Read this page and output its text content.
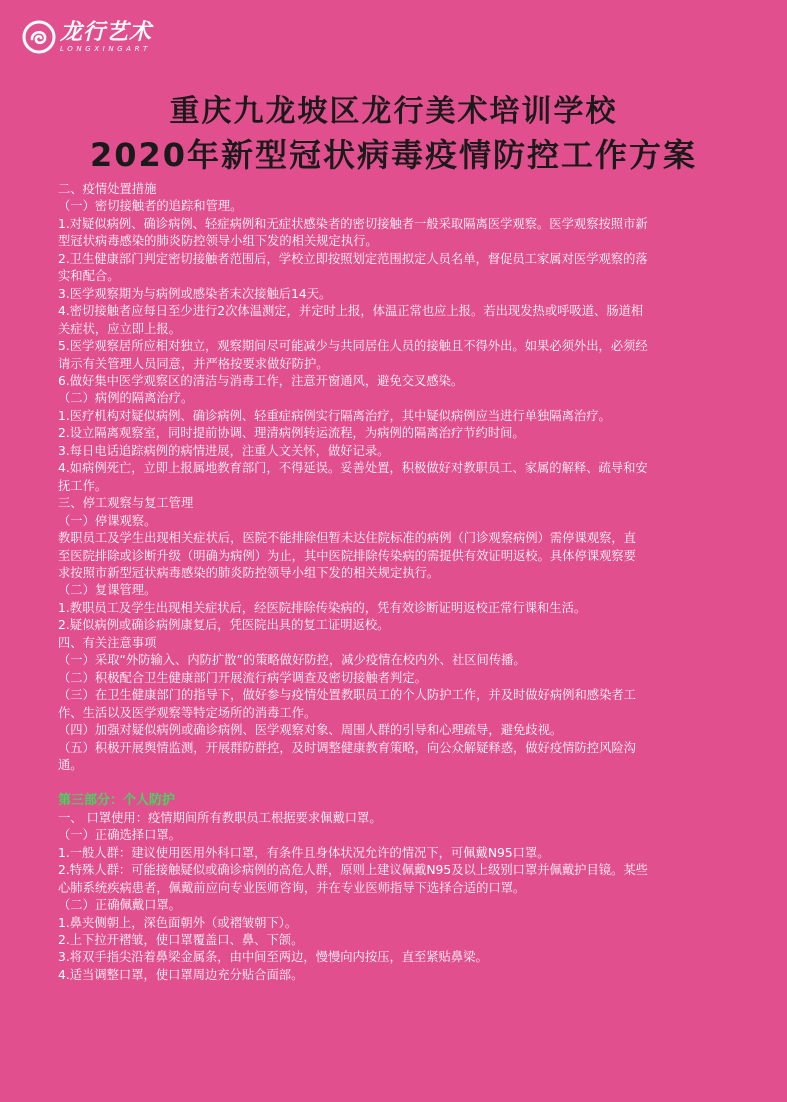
龙行艺术
LONGXINGART
重庆九龙坡区龙行美术培训学校
2020年新型冠状病毒疫情防控工作方案

二、疫情处置措施

（一）密切接触者的追踪和管理。

1.对疑似病例、确诊病例、轻症病例和无症状感染者的密切接触者一般采取隔离医学观察。医学观察按照市新

型冠状病毒感染的肺炎防控领导小组下发的相关规定执行。

2.卫生健康部门判定密切接触者范围后，学校立即按照划定范围拟定人员名单，督促员工家属对医学观察的落

实和配合。

3.医学观察期为与病例或感染者末次接触后14天。

4.密切接触者应每日至少进行2次体温测定，并定时上报，体温正常也应上报。若出现发热或呼吸道、肠道相

关症状，应立即上报。

5.医学观察居所应相对独立，观察期间尽可能减少与共同居住人员的接触且不得外出。如果必须外出，必须经

请示有关管理人员同意，并严格按要求做好防护。

6.做好集中医学观察区的清洁与消毒工作，注意开窗通风，避免交叉感染。

（二）病例的隔离治疗。

1.医疗机构对疑似病例、确诊病例、轻重症病例实行隔离治疗，其中疑似病例应当进行单独隔离治疗。

2.设立隔离观察室，同时提前协调、理清病例转运流程，为病例的隔离治疗节约时间。

3.每日电话追踪病例的病情进展，注重人文关怀，做好记录。

4.如病例死亡，立即上报属地教育部门，不得延误。妥善处置，积极做好对教职员工、家属的解释、疏导和安

抚工作。

三、停工观察与复工管理

（一）停课观察。

教职员工及学生出现相关症状后，医院不能排除但暂未达住院标准的病例（门诊观察病例）需停课观察，直

至医院排除或诊断升级（明确为病例）为止，其中医院排除传染病的需提供有效证明返校。具体停课观察要

求按照市新型冠状病毒感染的肺炎防控领导小组下发的相关规定执行。

（二）复课管理。

1.教职员工及学生出现相关症状后，经医院排除传染病的，凭有效诊断证明返校正常行课和生活。

2.疑似病例或确诊病例康复后，凭医院出具的复工证明返校。

四、有关注意事项

（一）采取“外防输入、内防扩散”的策略做好防控，减少疫情在校内外、社区间传播。

（二）积极配合卫生健康部门开展流行病学调查及密切接触者判定。

（三）在卫生健康部门的指导下，做好参与疫情处置教职员工的个人防护工作，并及时做好病例和感染者工

作、生活以及医学观察等特定场所的消毒工作。

（四）加强对疑似病例或确诊病例、医学观察对象、周围人群的引导和心理疏导，避免歧视。

（五）积极开展舆情监测，开展群防群控，及时调整健康教育策略，向公众解疑释惑，做好疫情防控风险沟

通。

第三部分：个人防护

一、 口罩使用：疫情期间所有教职员工根据要求佩戴口罩。

（一）正确选择口罩。

1.一般人群：建议使用医用外科口罩，有条件且身体状况允许的情况下，可佩戴N95口罩。

2.特殊人群：可能接触疑似或确诊病例的高危人群，原则上建议佩戴N95及以上级别口罩并佩戴护目镜。某些

心肺系统疾病患者，佩戴前应向专业医师咨询，并在专业医师指导下选择合适的口罩。

（二）正确佩戴口罩。

1.鼻夹侧朝上，深色面朝外（或褶皱朝下）。

2.上下拉开褶皱，使口罩覆盖口、鼻、下颌。

3.将双手指尖沿着鼻梁金属条，由中间至两边，慢慢向内按压，直至紧贴鼻梁。

4.适当调整口罩，使口罩周边充分贴合面部。
